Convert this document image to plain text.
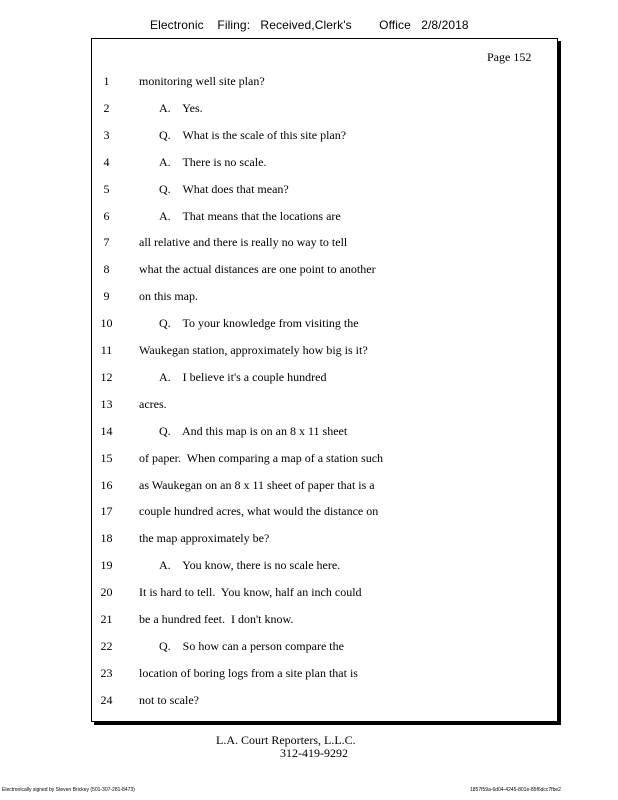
Electronic    Filing:   Received,Clerk's        Office   2/8/2018
Page 152
1	monitoring well site plan?
2	A.    Yes.
3	Q.    What is the scale of this site plan?
4	A.    There is no scale.
5	Q.    What does that mean?
6	A.    That means that the locations are
7	all relative and there is really no way to tell
8	what the actual distances are one point to another
9	on this map.
10	Q.    To your knowledge from visiting the
11 Waukegan station, approximately how big is it?
12	A.    I believe it's a couple hundred
13 acres.
14	Q.    And this map is on an 8 x 11 sheet
15 of paper.  When comparing a map of a station such
16 as Waukegan on an 8 x 11 sheet of paper that is a
17 couple hundred acres, what would the distance on
18 the map approximately be?
19	A.    You know, there is no scale here.
20 It is hard to tell.  You know, half an inch could
21 be a hundred feet.  I don't know.
22	Q.    So how can a person compare the
23 location of boring logs from a site plan that is
24 not to scale?
L.A. Court Reporters, L.L.C.
312-419-9292
Electronically signed by Steven Brickey (501-307-281-8473)	1857f59a-6d04-4245-801e-85f6dcc7fbe2
